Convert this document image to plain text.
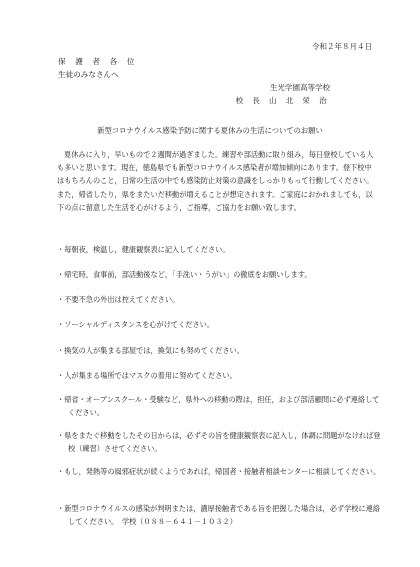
令和２年８月４日
保 護 者 各 位
生徒のみなさんへ
生光学園高等学校
校 長 山 北 栄 治
新型コロナウイルス感染予防に関する夏休みの生活についてのお願い

夏休みに入り，早いもので２週間が過ぎました。練習や部活動に取り組み，毎日登校している人も多いと思います。現在，徳島県でも新型コロナウイルス感染者が増加傾向にあります。登下校中はもちろんのこと，日常の生活の中でも感染防止対策の意識をしっかりもって行動してください。また，帰省したり，県をまたいだ移動が増えることが想定されます。ご家庭におかれましても，以下の点に留意した生活を心がけるよう，ご指導，ご協力をお願い致します。

・毎朝夜，検温し，健康観察表に記入してください。

・帰宅時，食事前，部活動後など，「手洗い・うがい」の徹底をお願いします。

・不要不急の外出は控えてください。

・ソーシャルディスタンスを心がけてください。

・換気の人が集まる部屋では，換気にも努めてください。

・人が集まる場所ではマスクの着用に努めてください。

・帰省・オープンスクール・受験など，県外への移動の際は，担任，および部活顧問に必ず連絡してください。

・県をまたぐ移動をしたその日からは，必ずその旨を健康観察表に記入し，体調に問題がなければ登校（練習）させてください。

・もし，発熱等の風邪症状が続くようであれば，帰国者・接触者相談センターに相談してください。

・新型コロナウイルスの感染が判明または，濃厚接触者である旨を把握した場合は，必ず学校に連絡してください。　学校（０８８－６４１－１０３２）
